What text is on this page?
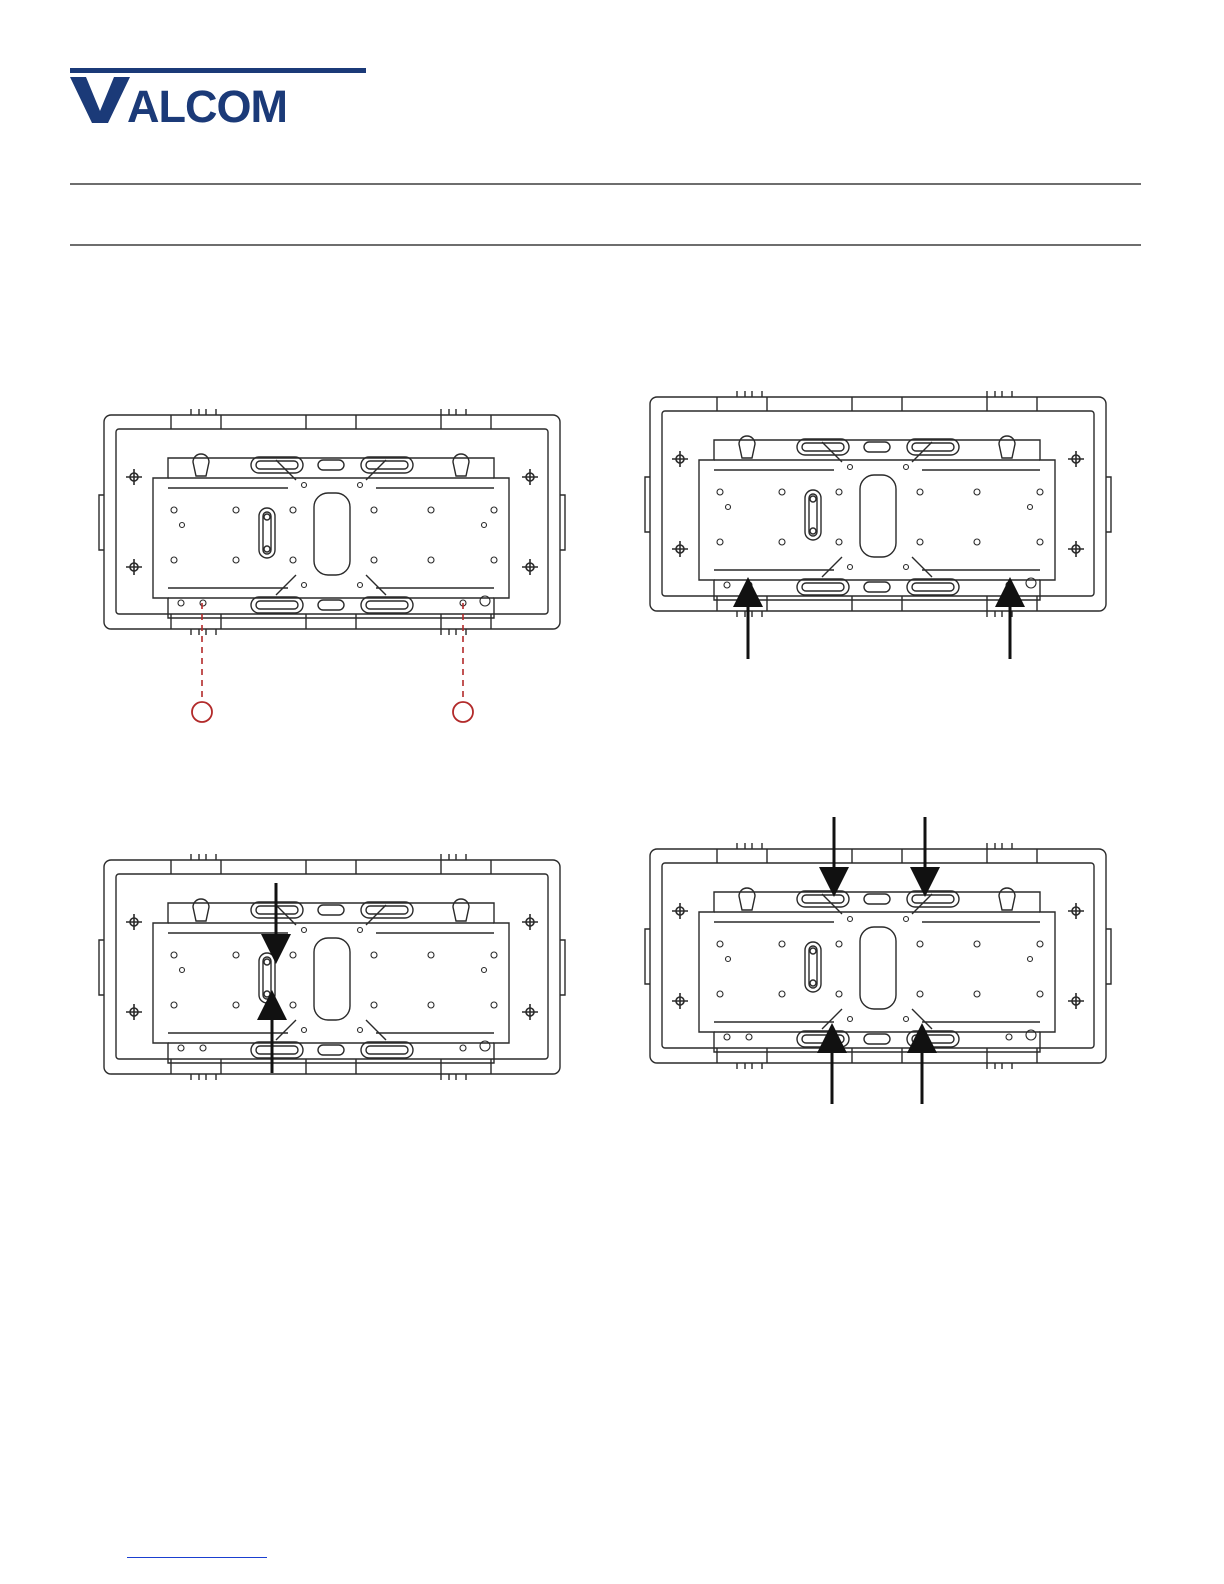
ALCOM
